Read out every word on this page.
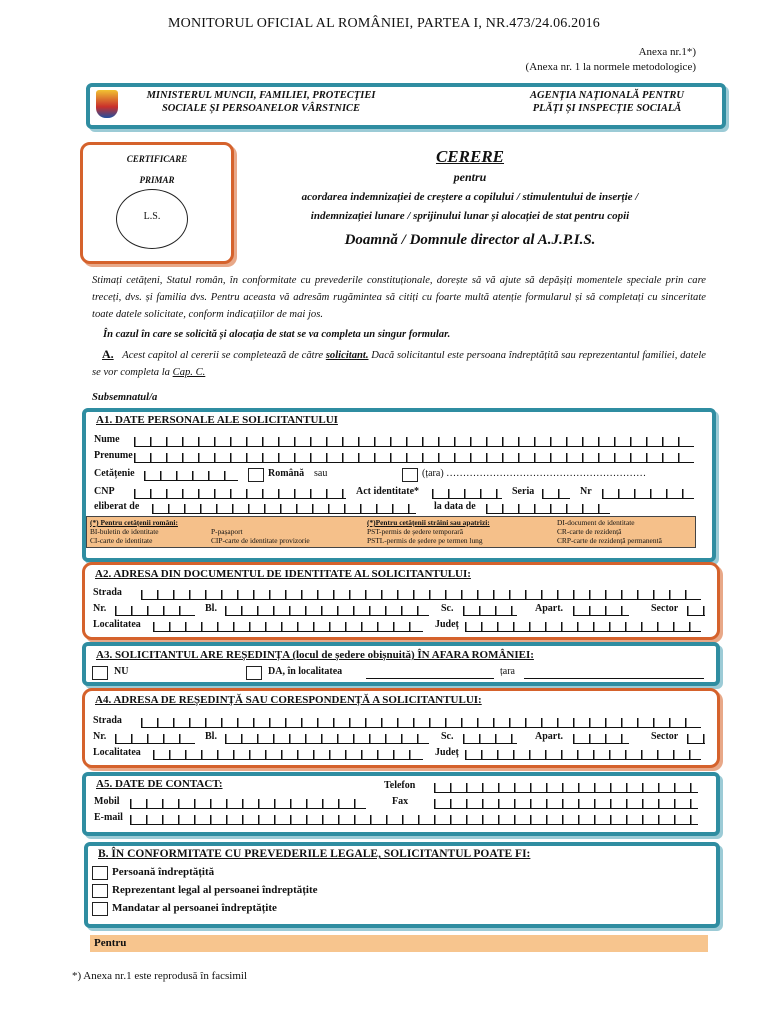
MONITORUL OFICIAL AL ROMÂNIEI, PARTEA I, NR.473/24.06.2016
Anexa nr.1*)
(Anexa nr. 1 la normele metodologice)
MINISTERUL MUNCII, FAMILIEI, PROTECȚIEI
SOCIALE ȘI PERSOANELOR VÂRSTNICE
AGENȚIA NAȚIONALĂ PENTRU
PLĂȚI ȘI INSPECȚIE SOCIALĂ
CERTIFICARE
PRIMAR
L.S.
CERERE
pentru
acordarea indemnizației de creștere a copilului / stimulentului de inserție /
indemnizației lunare / sprijinului lunar și alocației de stat pentru copii
Doamnă / Domnule director al A.J.P.I.S.
Stimați cetățeni, Statul român, în conformitate cu prevederile constituționale, dorește să vă ajute să depășiți momentele speciale prin care treceți, dvs. și familia dvs. Pentru aceasta vă adresăm rugămintea să citiți cu foarte multă atenție formularul și să completați cu sinceritate toate datele solicitate, conform indicațiilor de mai jos.
În cazul în care se solicită și alocația de stat se va completa un singur formular.
A. Acest capitol al cererii se completează de către solicitant. Dacă solicitantul este persoana îndreptățită sau reprezentantul familiei, datele se vor completa la Cap. C.
Subsemnatul/a
A1. DATE PERSONALE ALE SOLICITANTULUI
Nume
Prenume
Cetățenie	Română sau	(țara) ……………………………………………………
CNP	Act identitate*	Seria	Nr
eliberat de	la data de
(*) Pentru cetățenii români:
BI-buletin de identitate	P-pașaport
CI-carte de identitate	CIP-carte de identitate provizorie
(*)Pentru cetățenii străini sau apatrizi:	DI-document de identitate
PST-permis de ședere temporară	CR-carte de rezidență
PSTL-permis de ședere pe termen lung	CRP-carte de rezidență permanentă
A2. ADRESA DIN DOCUMENTUL DE IDENTITATE AL SOLICITANTULUI:
Strada
Nr.	Bl.	Sc.	Apart.	Sector
Localitatea	Județ
A3. SOLICITANTUL ARE REȘEDINȚA (locul de ședere obișnuită) ÎN AFARA ROMÂNIEI:
NU	DA, în localitatea	țara
A4. ADRESA DE REȘEDINȚĂ SAU CORESPONDENȚĂ A SOLICITANTULUI:
Strada
Nr.	Bl.	Sc.	Apart.	Sector
Localitatea	Județ
A5. DATE DE CONTACT:	Telefon
Mobil	Fax
E-mail
B. ÎN CONFORMITATE CU PREVEDERILE LEGALE, SOLICITANTUL POATE FI:
Persoană îndreptățită
Reprezentant legal al persoanei îndreptățite
Mandatar al persoanei îndreptățite
Pentru
*) Anexa nr.1 este reprodusă în facsimil
